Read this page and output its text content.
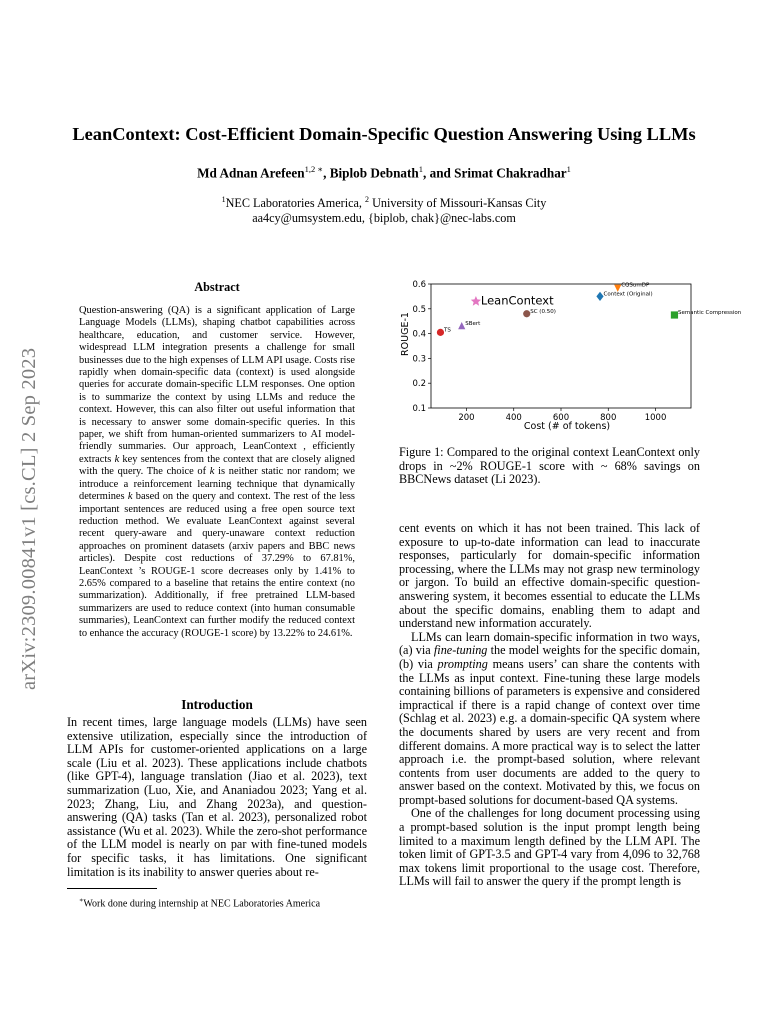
arXiv:2309.00841v1 [cs.CL] 2 Sep 2023
LeanContext: Cost-Efficient Domain-Specific Question Answering Using LLMs
Md Adnan Arefeen$^{1,2 ∗}$, Biplob Debnath$^1$, and Srimat Chakradhar$^1$
$^1$NEC Laboratories America, $^2$ University of Missouri-Kansas City
aa4cy@umsystem.edu, {biplob, chak}@nec-labs.com
Abstract
Question-answering (QA) is a significant application of Large Language Models (LLMs), shaping chatbot capabilities across healthcare, education, and customer service. However, widespread LLM integration presents a challenge for small businesses due to the high expenses of LLM API usage. Costs rise rapidly when domain-specific data (context) is used alongside queries for accurate domain-specific LLM responses. One option is to summarize the context by using LLMs and reduce the context. However, this can also filter out useful information that is necessary to answer some domain-specific queries. In this paper, we shift from human-oriented summarizers to AI model-friendly summaries. Our approach, LeanContext , efficiently extracts k key sentences from the context that are closely aligned with the query. The choice of k is neither static nor random; we introduce a reinforcement learning technique that dynamically determines k based on the query and context. The rest of the less important sentences are reduced using a free open source text reduction method. We evaluate LeanContext against several recent query-aware and query-unaware context reduction approaches on prominent datasets (arxiv papers and BBC news articles). Despite cost reductions of 37.29% to 67.81%, LeanContext ’s ROUGE-1 score decreases only by 1.41% to 2.65% compared to a baseline that retains the entire context (no summarization). Additionally, if free pretrained LLM-based summarizers are used to reduce context (into human consumable summaries), LeanContext can further modify the reduced context to enhance the accuracy (ROUGE-1 score) by 13.22% to 24.61%.
Introduction

In recent times, large language models (LLMs) have seen extensive utilization, especially since the introduction of LLM APIs for customer-oriented applications on a large scale (Liu et al. 2023). These applications include chatbots (like GPT-4), language translation (Jiao et al. 2023), text summarization (Luo, Xie, and Ananiadou 2023; Yang et al. 2023; Zhang, Liu, and Zhang 2023a), and question-answering (QA) tasks (Tan et al. 2023), personalized robot assistance (Wu et al. 2023). While the zero-shot performance of the LLM model is nearly on par with fine-tuned models for specific tasks, it has limitations. One significant limitation is its inability to answer queries about re-

∗Work done during internship at NEC Laboratories America
200	400	600	800	1000
0.1
0.2
0.3
0.4
0.5
0.6
LeanContext
CQSumDP
Context (Original)
SC (0.50)	Semantic Compression
SBert
TS
Cost (# of tokens)
ROUGE-1
Figure 1: Compared to the original context LeanContext only drops in ~2% ROUGE-1 score with ~ 68% savings on BBCNews dataset (Li 2023).

cent events on which it has not been trained. This lack of exposure to up-to-date information can lead to inaccurate responses, particularly for domain-specific information processing, where the LLMs may not grasp new terminology or jargon. To build an effective domain-specific question-answering system, it becomes essential to educate the LLMs about the specific domains, enabling them to adapt and understand new information accurately.

LLMs can learn domain-specific information in two ways, (a) via fine-tuning the model weights for the specific domain, (b) via prompting means users’ can share the contents with the LLMs as input context. Fine-tuning these large models containing billions of parameters is expensive and considered impractical if there is a rapid change of context over time (Schlag et al. 2023) e.g. a domain-specific QA system where the documents shared by users are very recent and from different domains. A more practical way is to select the latter approach i.e. the prompt-based solution, where relevant contents from user documents are added to the query to answer based on the context. Motivated by this, we focus on prompt-based solutions for document-based QA systems.

One of the challenges for long document processing using a prompt-based solution is the input prompt length being limited to a maximum length defined by the LLM API. The token limit of GPT-3.5 and GPT-4 vary from 4,096 to 32,768 max tokens limit proportional to the usage cost. Therefore, LLMs will fail to answer the query if the prompt length is
